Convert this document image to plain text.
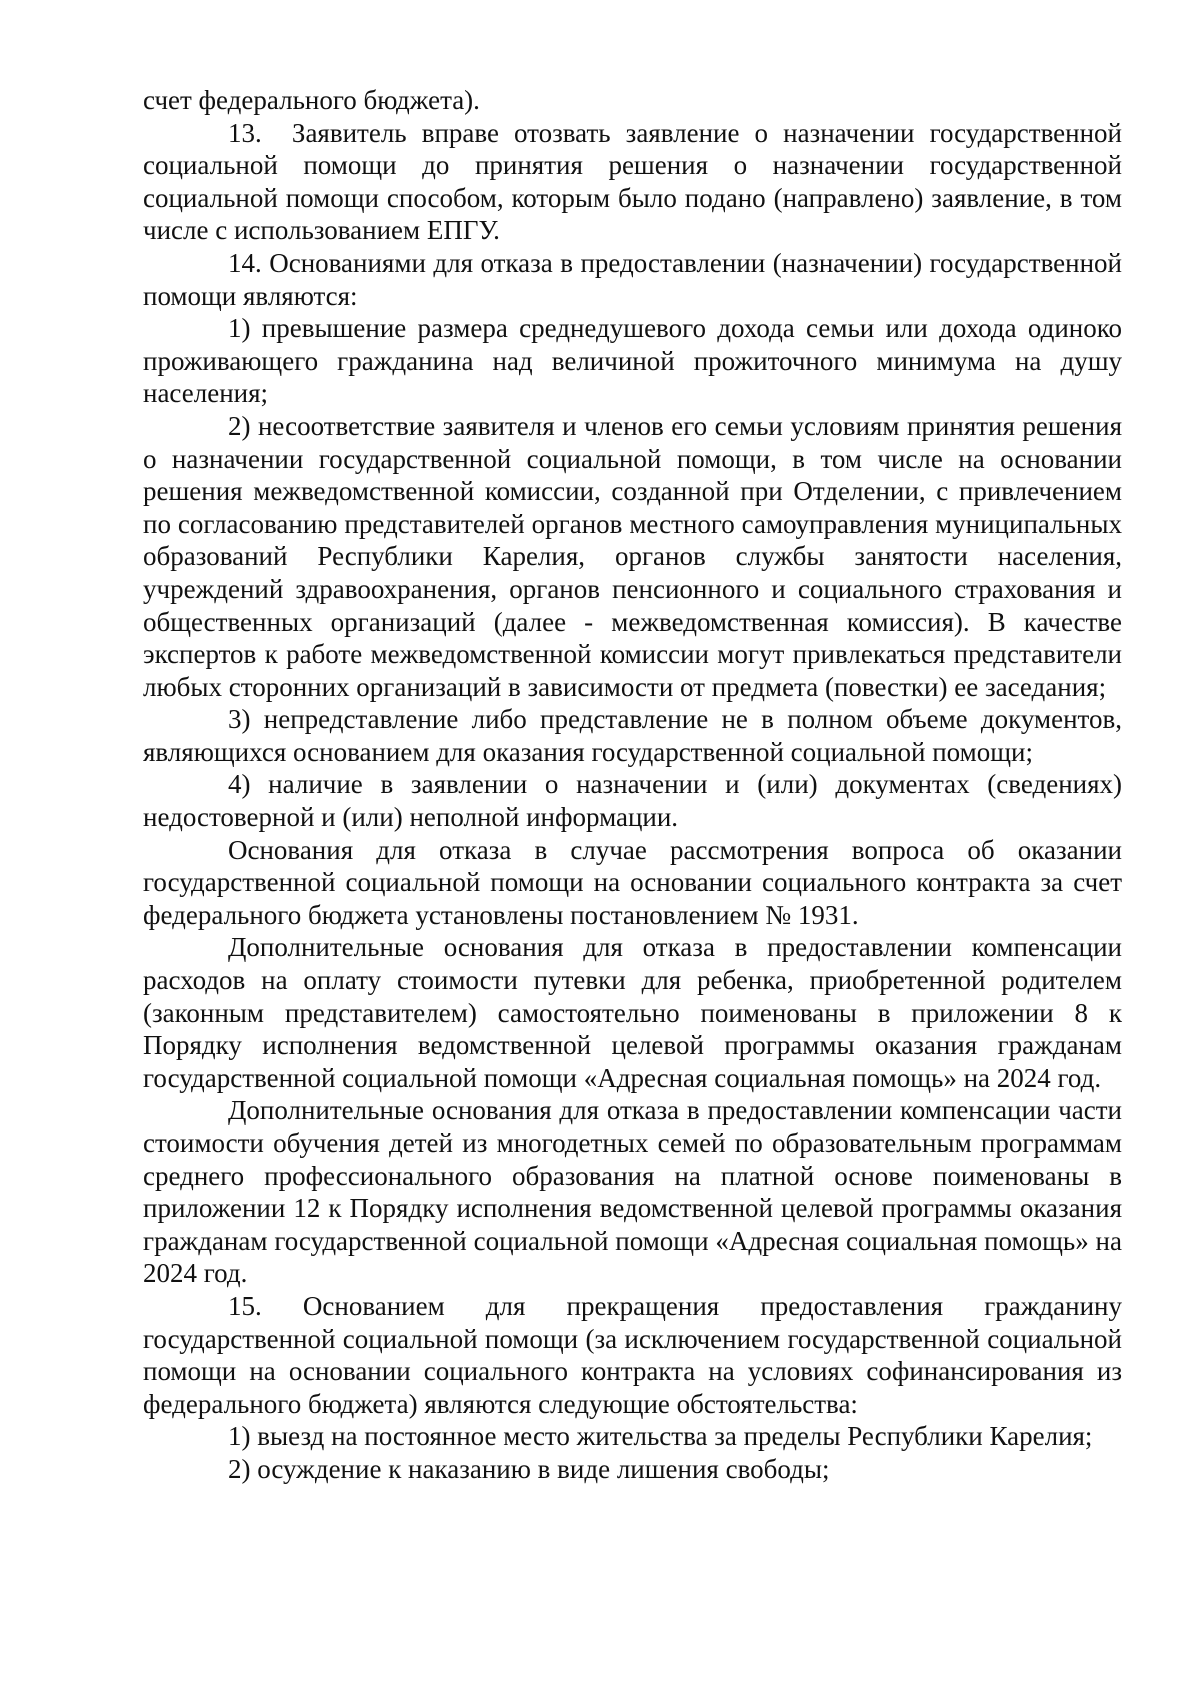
счет федерального бюджета).

13.  Заявитель вправе отозвать заявление о назначении государственной социальной помощи до принятия решения о назначении государственной социальной помощи способом, которым было подано (направлено) заявление, в том числе с использованием ЕПГУ.

14. Основаниями для отказа в предоставлении (назначении) государственной помощи являются:

1) превышение размера среднедушевого дохода семьи или дохода одиноко проживающего гражданина над величиной прожиточного минимума на душу населения;

2) несоответствие заявителя и членов его семьи условиям принятия решения о назначении государственной социальной помощи, в том числе на основании решения межведомственной комиссии, созданной при Отделении, с привлечением по согласованию представителей органов местного самоуправления муниципальных образований Республики Карелия, органов службы занятости населения, учреждений здравоохранения, органов пенсионного и социального страхования и общественных организаций (далее - межведомственная комиссия). В качестве экспертов к работе межведомственной комиссии могут привлекаться представители любых сторонних организаций в зависимости от предмета (повестки) ее заседания;

3) непредставление либо представление не в полном объеме документов, являющихся основанием для оказания государственной социальной помощи;

4) наличие в заявлении о назначении и (или) документах (сведениях) недостоверной и (или) неполной информации.

Основания для отказа в случае рассмотрения вопроса об оказании государственной социальной помощи на основании социального контракта за счет федерального бюджета установлены постановлением № 1931.

Дополнительные основания для отказа в предоставлении компенсации расходов на оплату стоимости путевки для ребенка, приобретенной родителем (законным представителем) самостоятельно поименованы в приложении 8 к Порядку исполнения ведомственной целевой программы оказания гражданам государственной социальной помощи «Адресная социальная помощь» на 2024 год.

Дополнительные основания для отказа в предоставлении компенсации части стоимости обучения детей из многодетных семей по образовательным программам среднего профессионального образования на платной основе поименованы в приложении 12 к Порядку исполнения ведомственной целевой программы оказания гражданам государственной социальной помощи «Адресная социальная помощь» на 2024 год.

15. Основанием для прекращения предоставления гражданину государственной социальной помощи (за исключением государственной социальной помощи на основании социального контракта на условиях софинансирования из федерального бюджета) являются следующие обстоятельства:

1) выезд на постоянное место жительства за пределы Республики Карелия;

2) осуждение к наказанию в виде лишения свободы;
